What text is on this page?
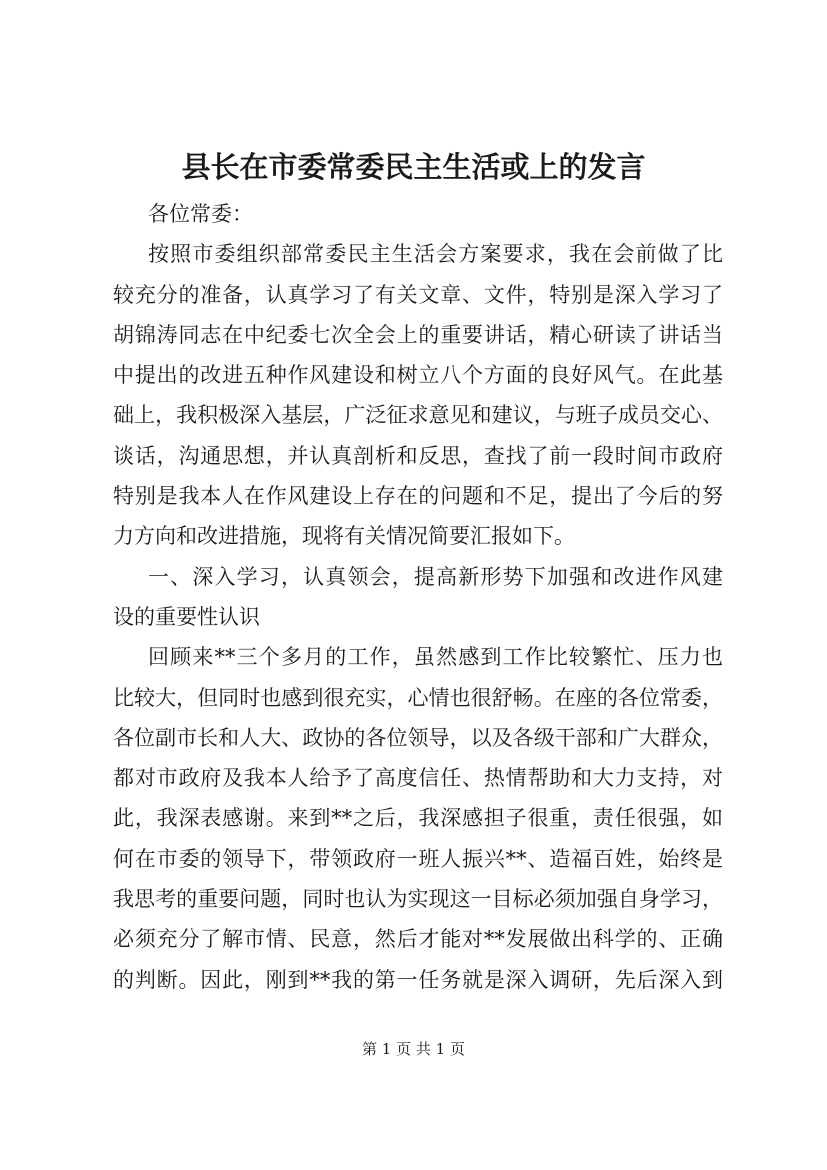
县长在市委常委民主生活或上的发言
各位常委：
按照市委组织部常委民主生活会方案要求，我在会前做了比
较充分的准备，认真学习了有关文章、文件，特别是深入学习了
胡锦涛同志在中纪委七次全会上的重要讲话，精心研读了讲话当
中提出的改进五种作风建设和树立八个方面的良好风气。在此基
础上，我积极深入基层，广泛征求意见和建议，与班子成员交心、
谈话，沟通思想，并认真剖析和反思，查找了前一段时间市政府
特别是我本人在作风建设上存在的问题和不足，提出了今后的努
力方向和改进措施，现将有关情况简要汇报如下。
一、深入学习，认真领会，提高新形势下加强和改进作风建
设的重要性认识
回顾来**三个多月的工作，虽然感到工作比较繁忙、压力也
比较大，但同时也感到很充实，心情也很舒畅。在座的各位常委，
各位副市长和人大、政协的各位领导，以及各级干部和广大群众，
都对市政府及我本人给予了高度信任、热情帮助和大力支持，对
此，我深表感谢。来到**之后，我深感担子很重，责任很强，如
何在市委的领导下，带领政府一班人振兴**、造福百姓，始终是
我思考的重要问题，同时也认为实现这一目标必须加强自身学习，
必须充分了解市情、民意，然后才能对**发展做出科学的、正确
的判断。因此，刚到**我的第一任务就是深入调研，先后深入到
第 1 页 共 1 页
